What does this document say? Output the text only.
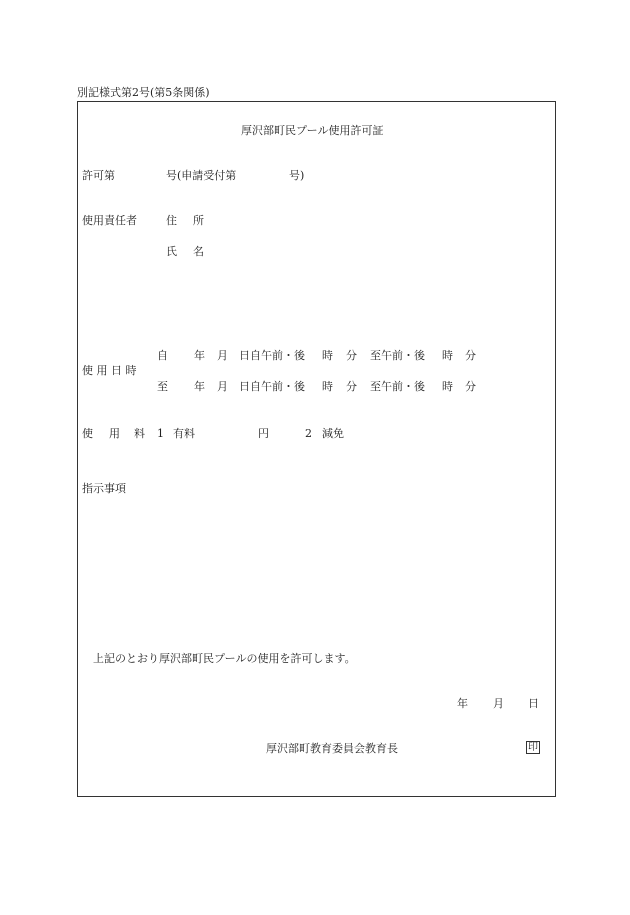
別記様式第2号(第5条関係)
厚沢部町民プール使用許可証
許可第	号(申請受付第	号)
使用責任者	住 所
氏 名
使 用 日 時
自 年 月 日自午前・後 時 分 至午前・後 時 分
至 年 月 日自午前・後 時 分 至午前・後 時 分
使 用 料 1 有料	円	2 減免
指示事項
上記のとおり厚沢部町民プールの使用を許可します。
年 月 日
厚沢部町教育委員会教育長	印
